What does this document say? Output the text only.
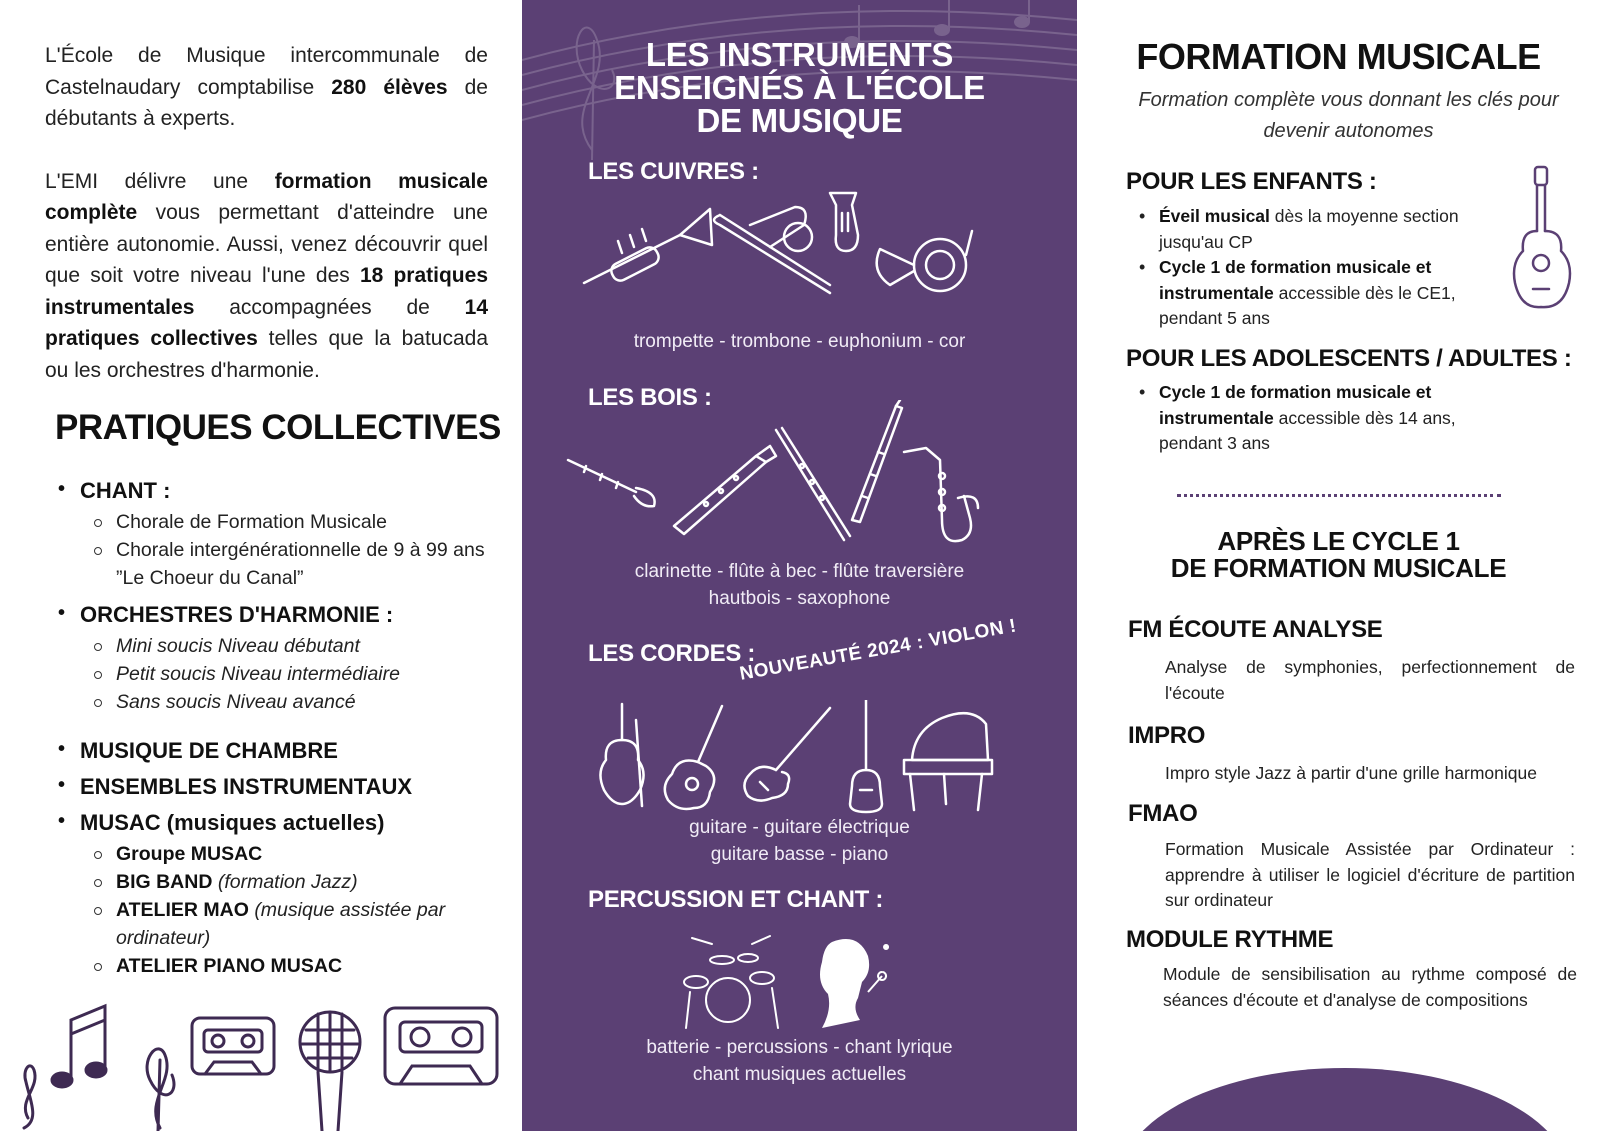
L'École de Musique intercommunale de Castelnaudary comptabilise 280 élèves de débutants à experts.

L'EMI délivre une formation musicale complète vous permettant d'atteindre une entière autonomie. Aussi, venez découvrir quel que soit votre niveau l'une des 18 pratiques instrumentales accompagnées de 14 pratiques collectives telles que la batucada ou les orchestres d'harmonie.

PRATIQUES COLLECTIVES
• CHANT :
Chorale de Formation Musicale
Chorale intergénérationnelle de 9 à 99 ans ”Le Choeur du Canal”
• ORCHESTRES D'HARMONIE :
Mini soucis Niveau débutant
Petit soucis Niveau intermédiaire
Sans soucis Niveau avancé
• MUSIQUE DE CHAMBRE
• ENSEMBLES INSTRUMENTAUX
• MUSAC (musiques actuelles)
Groupe MUSAC
BIG BAND (formation Jazz)
ATELIER MAO (musique assistée par ordinateur)
ATELIER PIANO MUSAC
LES INSTRUMENTS
ENSEIGNÉS À L'ÉCOLE
DE MUSIQUE
LES CUIVRES :
trompette - trombone - euphonium - cor
LES BOIS :
clarinette - flûte à bec - flûte traversière
hautbois - saxophone
LES CORDES :
NOUVEAUTÉ 2024 : VIOLON !
guitare - guitare électrique
guitare basse - piano
PERCUSSION ET CHANT :
batterie - percussions - chant lyrique
chant musiques actuelles
FORMATION MUSICALE

Formation complète vous donnant les clés pour devenir autonomes

POUR LES ENFANTS :
• Éveil musical dès la moyenne section jusqu'au CP
• Cycle 1 de formation musicale et instrumentale accessible dès le CE1, pendant 5 ans
POUR LES ADOLESCENTS / ADULTES :
• Cycle 1 de formation musicale et instrumentale accessible dès 14 ans, pendant 3 ans
APRÈS LE CYCLE 1
DE FORMATION MUSICALE
FM ÉCOUTE ANALYSE

Analyse de symphonies, perfectionnement de l'écoute

IMPRO

Impro style Jazz à partir d'une grille harmonique

FMAO

Formation Musicale Assistée par Ordinateur : apprendre à utiliser le logiciel d'écriture de partition sur ordinateur

MODULE RYTHME

Module de sensibilisation au rythme composé de séances d'écoute et d'analyse de compositions
